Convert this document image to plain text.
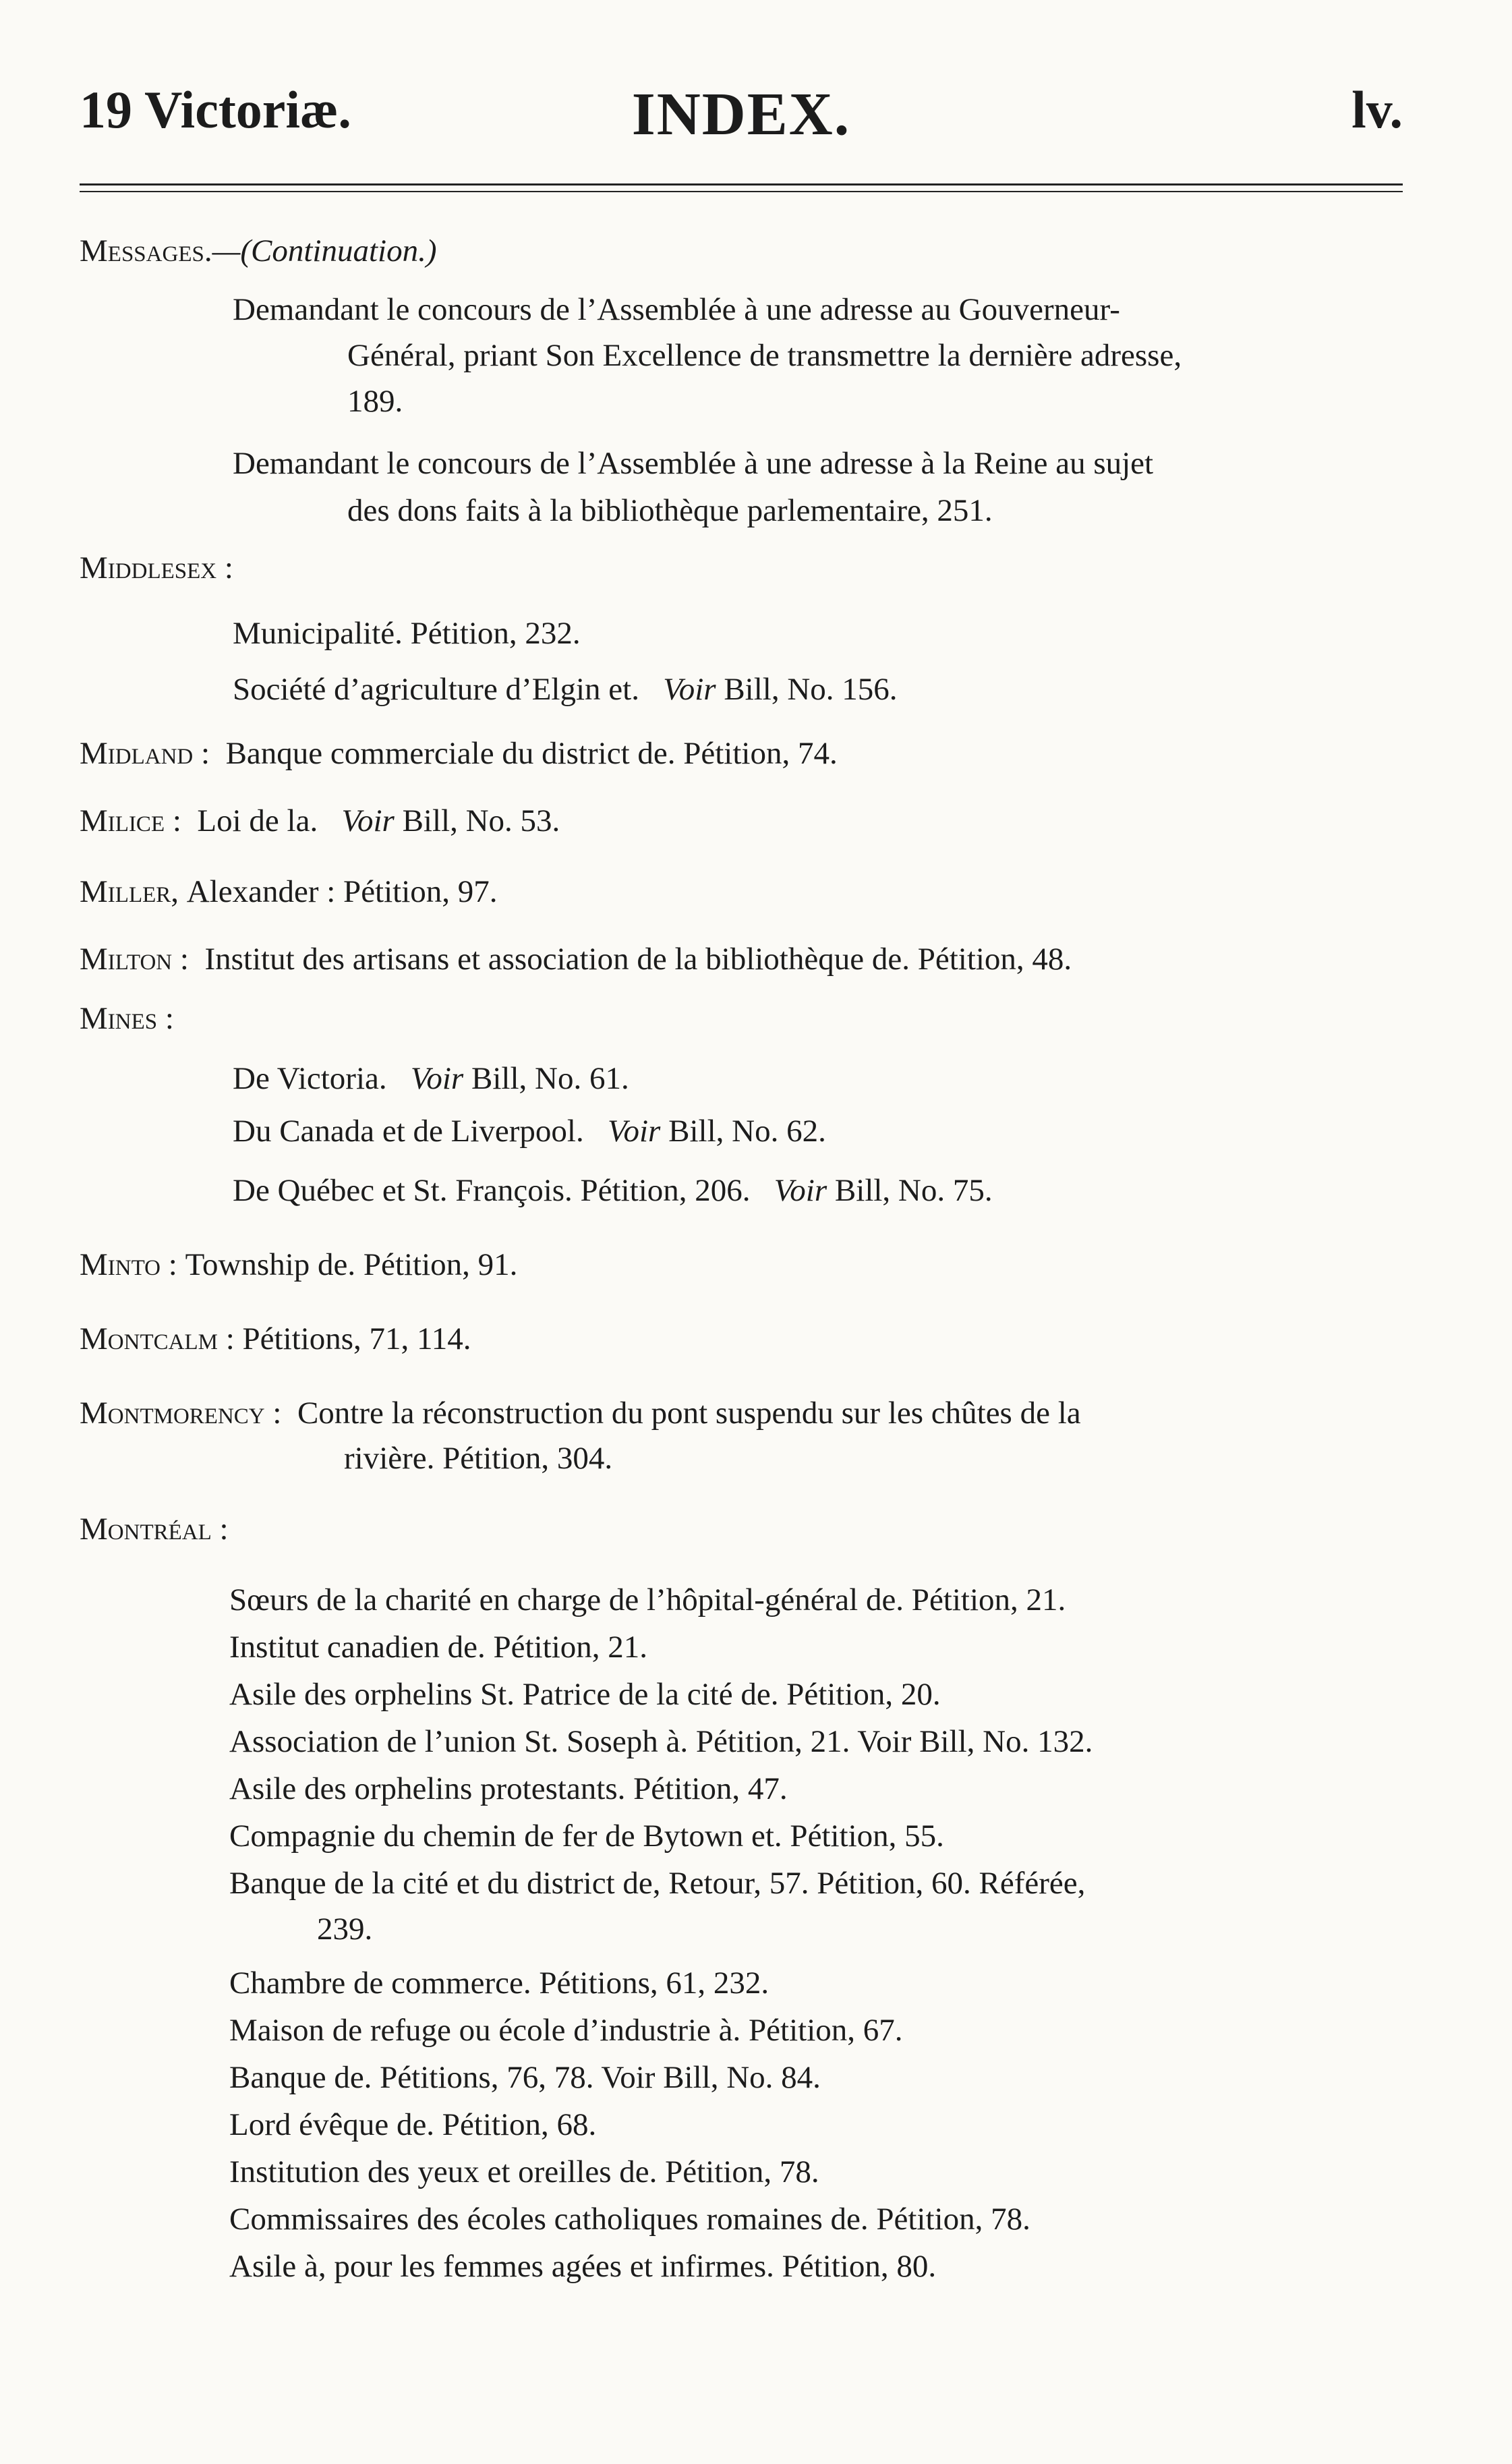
19 Victoriæ.	INDEX.	lv.
Messages.—(Continuation.)
Demandant le concours de l’Assemblée à une adresse au Gouverneur-
Général, priant Son Excellence de transmettre la dernière adresse,
189.
Demandant le concours de l’Assemblée à une adresse à la Reine au sujet
des dons faits à la bibliothèque parlementaire, 251.
Middlesex :
Municipalité. Pétition, 232.
Société d’agriculture d’Elgin et. Voir Bill, No. 156.
Midland : Banque commerciale du district de. Pétition, 74.
Milice : Loi de la. Voir Bill, No. 53.
Miller, Alexander : Pétition, 97.
Milton : Institut des artisans et association de la bibliothèque de. Pétition, 48.
Mines :
De Victoria. Voir Bill, No. 61.
Du Canada et de Liverpool. Voir Bill, No. 62.
De Québec et St. François. Pétition, 206. Voir Bill, No. 75.
Minto : Township de. Pétition, 91.
Montcalm : Pétitions, 71, 114.
Montmorency : Contre la réconstruction du pont suspendu sur les chûtes de la
rivière. Pétition, 304.
Montréal :
Sœurs de la charité en charge de l’hôpital-général de. Pétition, 21.
Institut canadien de. Pétition, 21.
Asile des orphelins St. Patrice de la cité de. Pétition, 20.
Association de l’union St. Soseph à. Pétition, 21. Voir Bill, No. 132.
Asile des orphelins protestants. Pétition, 47.
Compagnie du chemin de fer de Bytown et. Pétition, 55.
Banque de la cité et du district de, Retour, 57. Pétition, 60. Référée,
239.
Chambre de commerce. Pétitions, 61, 232.
Maison de refuge ou école d’industrie à. Pétition, 67.
Banque de. Pétitions, 76, 78. Voir Bill, No. 84.
Lord évêque de. Pétition, 68.
Institution des yeux et oreilles de. Pétition, 78.
Commissaires des écoles catholiques romaines de. Pétition, 78.
Asile à, pour les femmes agées et infirmes. Pétition, 80.
